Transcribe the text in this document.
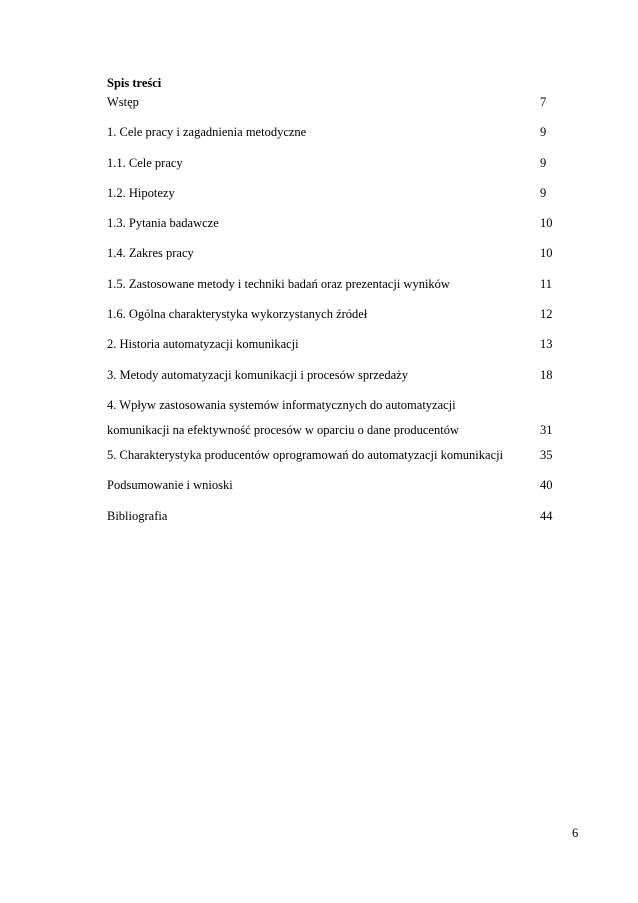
Spis treści
Wstęp	7
1. Cele pracy i zagadnienia metodyczne	9
1.1. Cele pracy	9
1.2. Hipotezy	9
1.3. Pytania badawcze	10
1.4. Zakres pracy	10
1.5. Zastosowane metody i techniki badań oraz prezentacji wyników	11
1.6. Ogólna charakterystyka wykorzystanych źródeł	12
2. Historia automatyzacji komunikacji	13
3. Metody automatyzacji komunikacji i procesów sprzedaży	18
4. Wpływ zastosowania systemów informatycznych do automatyzacji
komunikacji na efektywność procesów w oparciu o dane producentów	31
5. Charakterystyka producentów oprogramowań do automatyzacji komunikacji	35
Podsumowanie i wnioski	40
Bibliografia	44
6
